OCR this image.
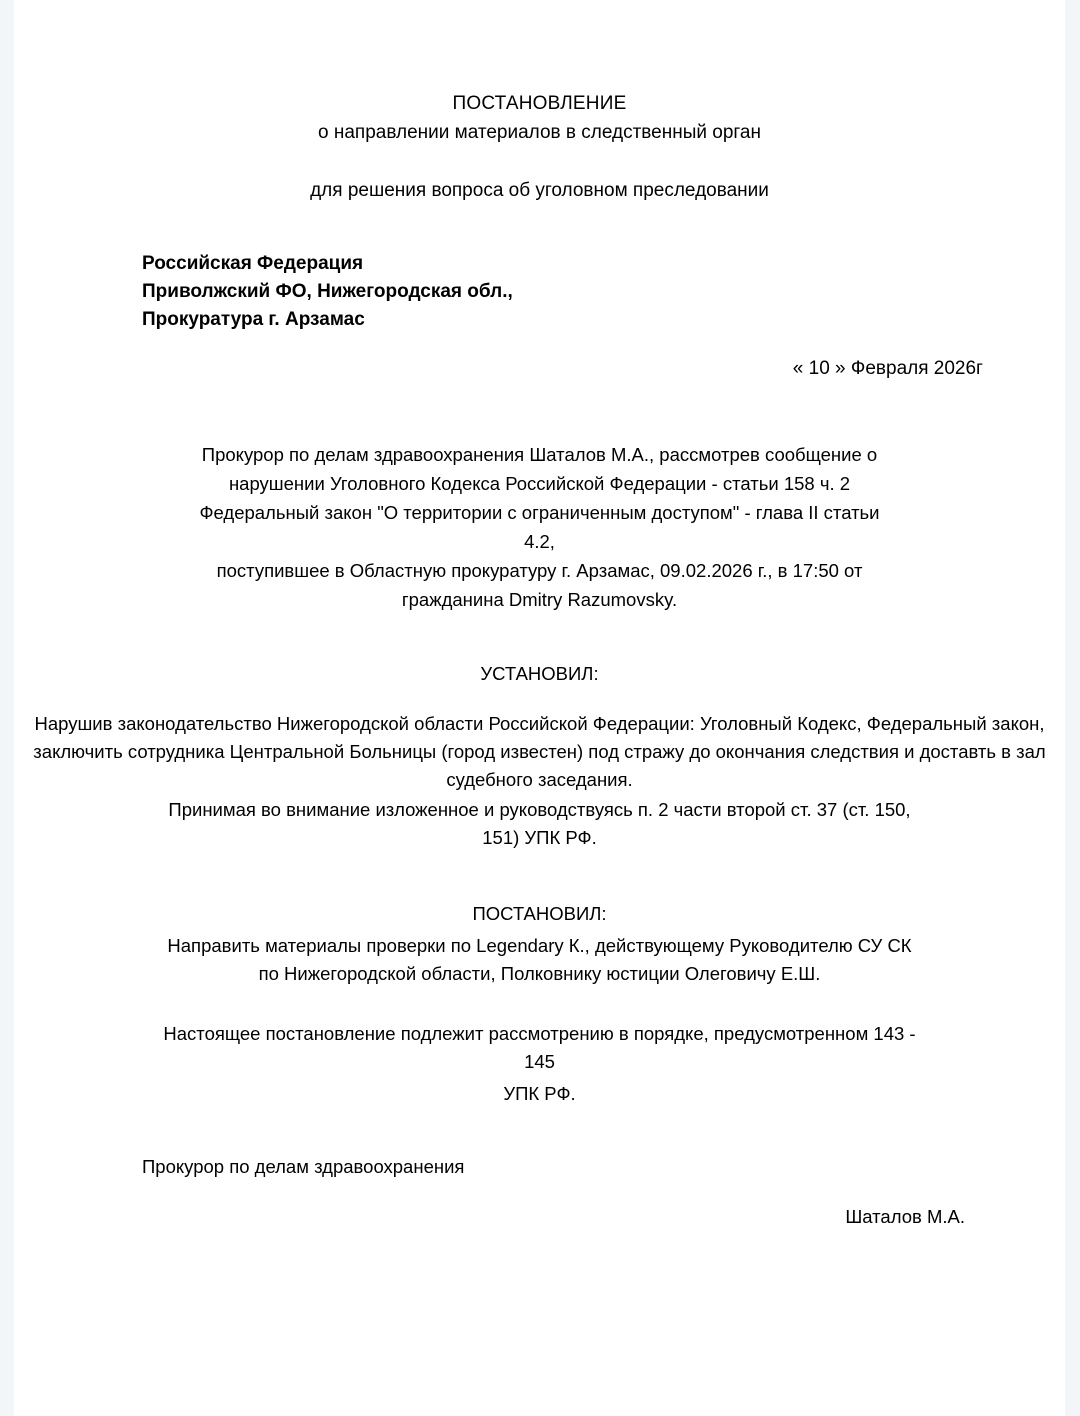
ПОСТАНОВЛЕНИЕ
о направлении материалов в следственный орган
для решения вопроса об уголовном преследовании
Российская Федерация
Приволжский ФО, Нижегородская обл.,
Прокуратура г. Арзамас
« 10 » Февраля 2026г
Прокурор по делам здравоохранения Шаталов М.А., рассмотрев сообщение о
нарушении Уголовного Кодекса Российской Федерации - статьи 158 ч. 2
Федеральный закон "О территории с ограниченным доступом" - глава II статьи
4.2,
поступившее в Областную прокуратуру г. Арзамас, 09.02.2026 г., в 17:50 от
гражданина Dmitry Razumovsky.
УСТАНОВИЛ:
Нарушив законодательство Нижегородской области Российской Федерации: Уголовный Кодекс, Федеральный закон,
заключить сотрудника Центральной Больницы (город известен) под стражу до окончания следствия и доставть в зал
судебного заседания.
Принимая во внимание изложенное и руководствуясь п. 2 части второй ст. 37 (ст. 150,
151) УПК РФ.
ПОСТАНОВИЛ:
Направить материалы проверки по Legendary К., действующему Руководителю СУ СК
по Нижегородской области, Полковнику юстиции Олеговичу Е.Ш.
Настоящее постановление подлежит рассмотрению в порядке, предусмотренном 143 -
145
УПК РФ.
Прокурор по делам здравоохранения
Шаталов М.А.
